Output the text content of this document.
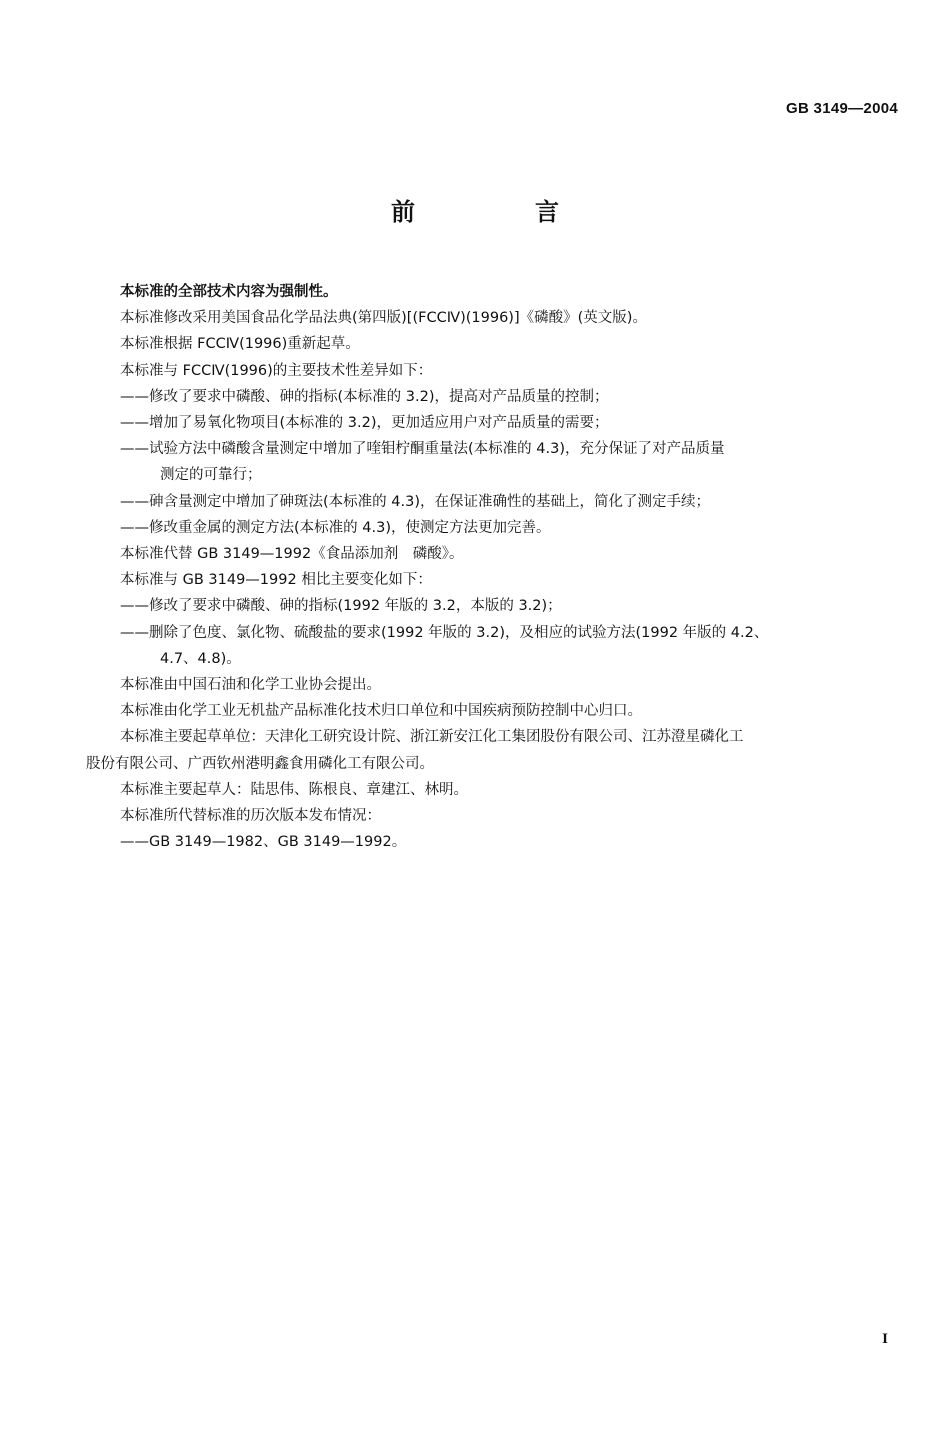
GB 3149—2004
前　言
本标准的全部技术内容为强制性。
本标准修改采用美国食品化学品法典(第四版)[(FCCⅣ)(1996)]《磷酸》(英文版)。
本标准根据 FCCⅣ(1996)重新起草。
本标准与 FCCⅣ(1996)的主要技术性差异如下：
——修改了要求中磷酸、砷的指标(本标准的 3.2)，提高对产品质量的控制；
——增加了易氧化物项目(本标准的 3.2)，更加适应用户对产品质量的需要；
——试验方法中磷酸含量测定中增加了喹钼柠酮重量法(本标准的 4.3)，充分保证了对产品质量
测定的可靠行；
——砷含量测定中增加了砷斑法(本标准的 4.3)，在保证准确性的基础上，简化了测定手续；
——修改重金属的测定方法(本标准的 4.3)，使测定方法更加完善。
本标准代替 GB 3149—1992《食品添加剂　磷酸》。
本标准与 GB 3149—1992 相比主要变化如下：
——修改了要求中磷酸、砷的指标(1992 年版的 3.2，本版的 3.2)；
——删除了色度、氯化物、硫酸盐的要求(1992 年版的 3.2)，及相应的试验方法(1992 年版的 4.2、
4.7、4.8)。
本标准由中国石油和化学工业协会提出。
本标准由化学工业无机盐产品标准化技术归口单位和中国疾病预防控制中心归口。
本标准主要起草单位：天津化工研究设计院、浙江新安江化工集团股份有限公司、江苏澄星磷化工
股份有限公司、广西钦州港明鑫食用磷化工有限公司。
本标准主要起草人：陆思伟、陈根良、章建江、林明。
本标准所代替标准的历次版本发布情况：
——GB 3149—1982、GB 3149—1992。
I
